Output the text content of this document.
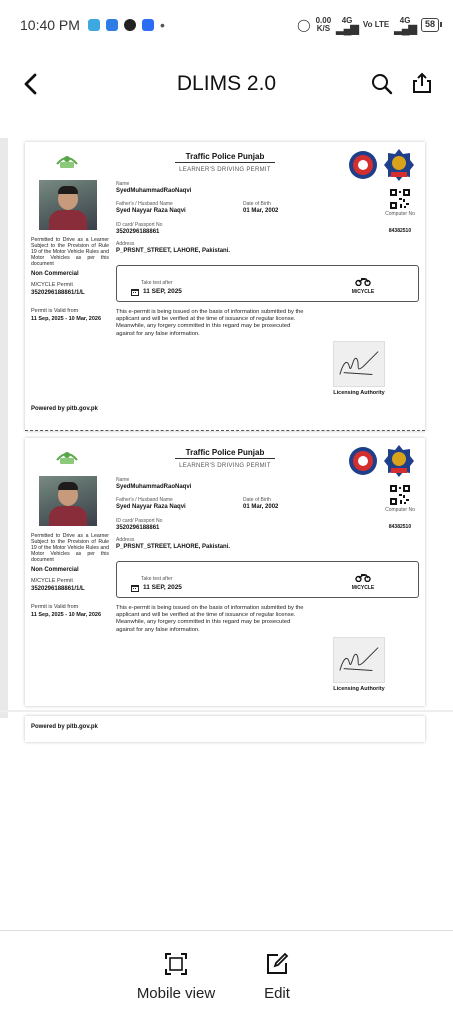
10:40 PM	•	◯ 0.00
K/S
4G
▂▄▆ Vo LTE	4G
▂▄▆	58
DLIMS 2.0
Traffic Police Punjab
LEARNER'S DRIVING PERMIT
Permitted to Drive as a Learner Subject to the Provision of Rule 19 of the Motor Vehicle Rules and Motor Vehicles as per this document
Non Commercial
M/CYCLE Permit
3520296188861/1/L
Permit is Valid from
11 Sep, 2025 - 10 Mar, 2026
Name
SyedMuhammadRaoNaqvi
Father's / Husband Name
Syed Nayyar Raza Naqvi
Date of Birth
01 Mar, 2002
ID card/ Passport No
3520296188861
Address
P_PRSNT_STREET, LAHORE, Pakistani.
Computer No
84382510
Take test after
11 SEP, 2025	M/CYCLE
This e-permit is being issued on the basis of information submitted by the applicant and will be verified at the time of issuance of regular license. Meanwhile, any forgery committed in this regard may be prosecuted against for any false information.
Licensing Authority
Powered by pitb.gov.pk
Traffic Police Punjab
LEARNER'S DRIVING PERMIT
Permitted to Drive as a Learner Subject to the Provision of Rule 19 of the Motor Vehicle Rules and Motor Vehicles as per this document
Non Commercial
M/CYCLE Permit
3520296188861/1/L
Permit is Valid from
11 Sep, 2025 - 10 Mar, 2026
Name
SyedMuhammadRaoNaqvi
Father's / Husband Name
Syed Nayyar Raza Naqvi
Date of Birth
01 Mar, 2002
ID card/ Passport No
3520296188861
Address
P_PRSNT_STREET, LAHORE, Pakistani.
Computer No
84382510
Take test after
11 SEP, 2025	M/CYCLE
This e-permit is being issued on the basis of information submitted by the applicant and will be verified at the time of issuance of regular license. Meanwhile, any forgery committed in this regard may be prosecuted against for any false information.
Licensing Authority
Powered by pitb.gov.pk
Mobile view	Edit
